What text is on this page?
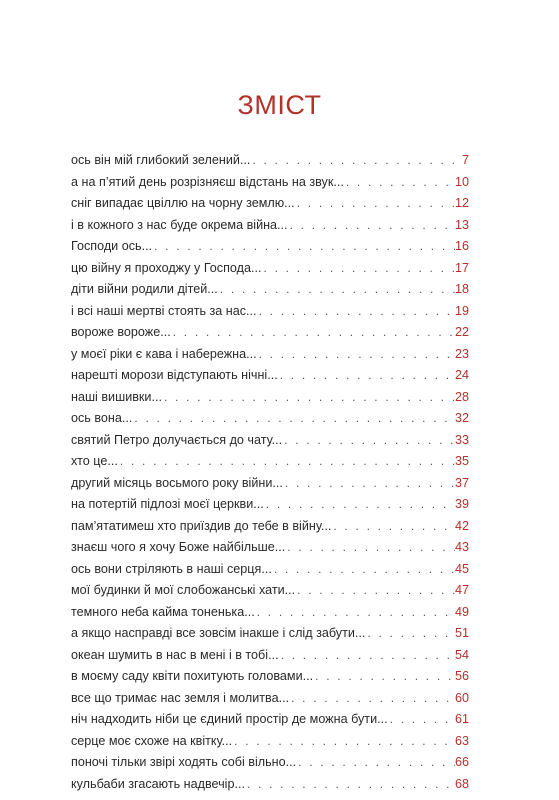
ЗМІСТ
ось він мій глибокий зелений... . . .	7
а на п’ятий день розрізняєш відстань на звук... . . .	10
сніг випадає цвіллю на чорну землю... . . .	12
і в кожного з нас буде окрема війна... . . .	13
Господи ось... . . .	16
цю війну я проходжу у Господа... . . .	17
діти війни родили дітей... . . .	18
і всі наші мертві стоять за нас... . . .	19
вороже вороже... . . .	22
у моєї ріки є кава і набережна... . . .	23
нарешті морози відступають нічні... . . .	24
наші вишивки... . . .	28
ось вона... . . .	32
святий Петро долучається до чату... . . .	33
хто це... . . .	35
другий місяць восьмого року війни... . . .	37
на потертій підлозі моєї церкви... . . .	39
пам’ятатимеш хто приїздив до тебе в війну... . . .	42
знаєш чого я хочу Боже найбільше... . . .	43
ось вони стріляють в наші серця... . . .	45
мої будинки й мої слобожанські хати... . . .	47
темного неба кайма тоненька... . . .	49
а якщо насправді все зовсім інакше і слід забути... . . .	51
океан шумить в нас в мені і в тобі... . . .	54
в моєму саду квіти похитують головами... . . .	56
все що тримає нас земля і молитва... . . .	60
ніч надходить ніби це єдиний простір де можна бути... . . .	61
серце моє схоже на квітку... . . .	63
поночі тільки звірі ходять собі вільно... . . .	66
кульбаби згасають надвечір... . . .	68
